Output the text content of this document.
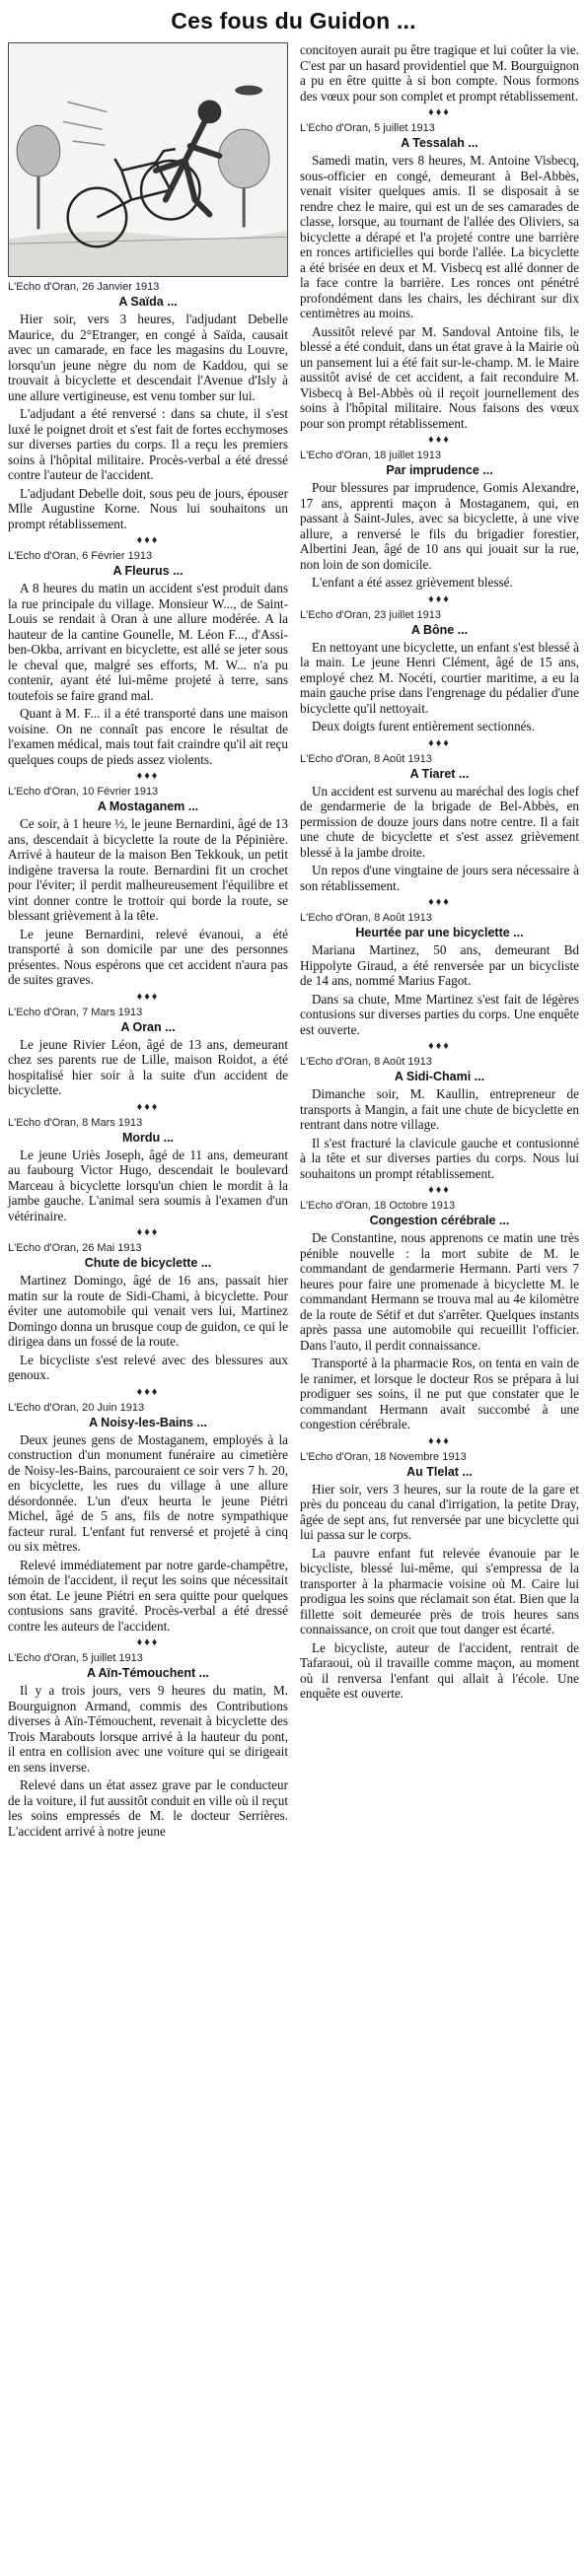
Ces fous du Guidon ...
L'Echo d'Oran, 26 Janvier 1913
A Saïda ...

Hier soir, vers 3 heures, l'adjudant Debelle Maurice, du 2°Etranger, en congé à Saïda, causait avec un camarade, en face les magasins du Louvre, lorsqu'un jeune nègre du nom de Kaddou, qui se trouvait à bicyclette et descendait l'Avenue d'Isly à une allure vertigineuse, est venu tomber sur lui.

L'adjudant a été renversé : dans sa chute, il s'est luxé le poignet droit et s'est fait de fortes ecchymoses sur diverses parties du corps. Il a reçu les premiers soins à l'hôpital militaire. Procès-verbal a été dressé contre l'auteur de l'accident.

L'adjudant Debelle doit, sous peu de jours, épouser Mlle Augustine Korne. Nous lui souhaitons un prompt rétablissement.

♦♦♦
L'Echo d'Oran, 6 Février 1913
A Fleurus ...

A 8 heures du matin un accident s'est produit dans la rue principale du village. Monsieur W..., de Saint-Louis se rendait à Oran à une allure modérée. A la hauteur de la cantine Gounelle, M. Léon F..., d'Assi-ben-Okba, arrivant en bicyclette, est allé se jeter sous le cheval que, malgré ses efforts, M. W... n'a pu contenir, ayant été lui-même projeté à terre, sans toutefois se faire grand mal.

Quant à M. F... il a été transporté dans une maison voisine. On ne connaît pas encore le résultat de l'examen médical, mais tout fait craindre qu'il ait reçu quelques coups de pieds assez violents.

♦♦♦
L'Echo d'Oran, 10 Février 1913
A Mostaganem ...

Ce soir, à 1 heure ½, le jeune Bernardini, âgé de 13 ans, descendait à bicyclette la route de la Pépinière. Arrivé à hauteur de la maison Ben Tekkouk, un petit indigène traversa la route. Bernardini fit un crochet pour l'éviter; il perdit malheureusement l'équilibre et vint donner contre le trottoir qui borde la route, se blessant grièvement à la tête.

Le jeune Bernardini, relevé évanoui, a été transporté à son domicile par une des personnes présentes. Nous espérons que cet accident n'aura pas de suites graves.

♦♦♦
L'Echo d'Oran, 7 Mars 1913
A Oran ...

Le jeune Rivier Léon, âgé de 13 ans, demeurant chez ses parents rue de Lille, maison Roidot, a été hospitalisé hier soir à la suite d'un accident de bicyclette.

♦♦♦
L'Echo d'Oran, 8 Mars 1913
Mordu ...

Le jeune Uriès Joseph, âgé de 11 ans, demeurant au faubourg Victor Hugo, descendait le boulevard Marceau à bicyclette lorsqu'un chien le mordit à la jambe gauche. L'animal sera soumis à l'examen d'un vétérinaire.

♦♦♦
L'Echo d'Oran, 26 Mai 1913
Chute de bicyclette ...

Martinez Domingo, âgé de 16 ans, passait hier matin sur la route de Sidi-Chami, à bicyclette. Pour éviter une automobile qui venait vers lui, Martinez Domingo donna un brusque coup de guidon, ce qui le dirigea dans un fossé de la route.

Le bicycliste s'est relevé avec des blessures aux genoux.

♦♦♦
L'Echo d'Oran, 20 Juin 1913
A Noisy-les-Bains ...

Deux jeunes gens de Mostaganem, employés à la construction d'un monument funéraire au cimetière de Noisy-les-Bains, parcouraient ce soir vers 7 h. 20, en bicyclette, les rues du village à une allure désordonnée. L'un d'eux heurta le jeune Piétri Michel, âgé de 5 ans, fils de notre sympathique facteur rural. L'enfant fut renversé et projeté à cinq ou six mètres.

Relevé immédiatement par notre garde-champêtre, témoin de l'accident, il reçut les soins que nécessitait son état. Le jeune Piétri en sera quitte pour quelques contusions sans gravité. Procès-verbal a été dressé contre les auteurs de l'accident.

♦♦♦
L'Echo d'Oran, 5 juillet 1913
A Aïn-Témouchent ...

Il y a trois jours, vers 9 heures du matin, M. Bourguignon Armand, commis des Contributions diverses à Aïn-Témouchent, revenait à bicyclette des Trois Marabouts lorsque arrivé à la hauteur du pont, il entra en collision avec une voiture qui se dirigeait en sens inverse.

Relevé dans un état assez grave par le conducteur de la voiture, il fut aussitôt conduit en ville où il reçut les soins empressés de M. le docteur Serrières. L'accident arrivé à notre jeune

concitoyen aurait pu être tragique et lui coûter la vie. C'est par un hasard providentiel que M. Bourguignon a pu en être quitte à si bon compte. Nous formons des vœux pour son complet et prompt rétablissement.

♦♦♦
L'Echo d'Oran, 5 juillet 1913
A Tessalah ...

Samedi matin, vers 8 heures, M. Antoine Visbecq, sous-officier en congé, demeurant à Bel-Abbès, venait visiter quelques amis. Il se disposait à se rendre chez le maire, qui est un de ses camarades de classe, lorsque, au tournant de l'allée des Oliviers, sa bicyclette a dérapé et l'a projeté contre une barrière en ronces artificielles qui borde l'allée. La bicyclette a été brisée en deux et M. Visbecq est allé donner de la face contre la barrière. Les ronces ont pénétré profondément dans les chairs, les déchirant sur dix centimètres au moins.

Aussitôt relevé par M. Sandoval Antoine fils, le blessé a été conduit, dans un état grave à la Mairie où un pansement lui a été fait sur-le-champ. M. le Maire aussitôt avisé de cet accident, a fait reconduire M. Visbecq à Bel-Abbès où il reçoit journellement des soins à l'hôpital militaire. Nous faisons des vœux pour son prompt rétablissement.

♦♦♦
L'Echo d'Oran, 18 juillet 1913
Par imprudence ...

Pour blessures par imprudence, Gomis Alexandre, 17 ans, apprenti maçon à Mostaganem, qui, en passant à Saint-Jules, avec sa bicyclette, à une vive allure, a renversé le fils du brigadier forestier, Albertini Jean, âgé de 10 ans qui jouait sur la rue, non loin de son domicile.

L'enfant a été assez grièvement blessé.

♦♦♦
L'Echo d'Oran, 23 juillet 1913
A Bône ...

En nettoyant une bicyclette, un enfant s'est blessé à la main. Le jeune Henri Clément, âgé de 15 ans, employé chez M. Nocéti, courtier maritime, a eu la main gauche prise dans l'engrenage du pédalier d'une bicyclette qu'il nettoyait.

Deux doigts furent entièrement sectionnés.

♦♦♦
L'Echo d'Oran, 8 Août 1913
A Tiaret ...

Un accident est survenu au maréchal des logis chef de gendarmerie de la brigade de Bel-Abbès, en permission de douze jours dans notre centre. Il a fait une chute de bicyclette et s'est assez grièvement blessé à la jambe droite.

Un repos d'une vingtaine de jours sera nécessaire à son rétablissement.

♦♦♦
L'Echo d'Oran, 8 Août 1913
Heurtée par une bicyclette ...

Mariana Martinez, 50 ans, demeurant Bd Hippolyte Giraud, a été renversée par un bicycliste de 14 ans, nommé Marius Fagot.

Dans sa chute, Mme Martinez s'est fait de légères contusions sur diverses parties du corps. Une enquête est ouverte.

♦♦♦
L'Echo d'Oran, 8 Août 1913
A Sidi-Chami ...

Dimanche soir, M. Kaullin, entrepreneur de transports à Mangin, a fait une chute de bicyclette en rentrant dans notre village.

Il s'est fracturé la clavicule gauche et contusionné à la tête et sur diverses parties du corps. Nous lui souhaitons un prompt rétablissement.

♦♦♦
L'Echo d'Oran, 18 Octobre 1913
Congestion cérébrale ...

De Constantine, nous apprenons ce matin une très pénible nouvelle : la mort subite de M. le commandant de gendarmerie Hermann. Parti vers 7 heures pour faire une promenade à bicyclette M. le commandant Hermann se trouva mal au 4e kilomètre de la route de Sétif et dut s'arrêter. Quelques instants après passa une automobile qui recueillit l'officier. Dans l'auto, il perdit connaissance.

Transporté à la pharmacie Ros, on tenta en vain de le ranimer, et lorsque le docteur Ros se prépara à lui prodiguer ses soins, il ne put que constater que le commandant Hermann avait succombé à une congestion cérébrale.

♦♦♦
L'Echo d'Oran, 18 Novembre 1913
Au Tlelat ...

Hier soir, vers 3 heures, sur la route de la gare et près du ponceau du canal d'irrigation, la petite Dray, âgée de sept ans, fut renversée par une bicyclette qui lui passa sur le corps.

La pauvre enfant fut relevée évanouie par le bicycliste, blessé lui-même, qui s'empressa de la transporter à la pharmacie voisine où M. Caire lui prodigua les soins que réclamait son état. Bien que la fillette soit demeurée près de trois heures sans connaissance, on croit que tout danger est écarté.

Le bicycliste, auteur de l'accident, rentrait de Tafaraoui, où il travaille comme maçon, au moment où il renversa l'enfant qui allait à l'école. Une enquête est ouverte.
